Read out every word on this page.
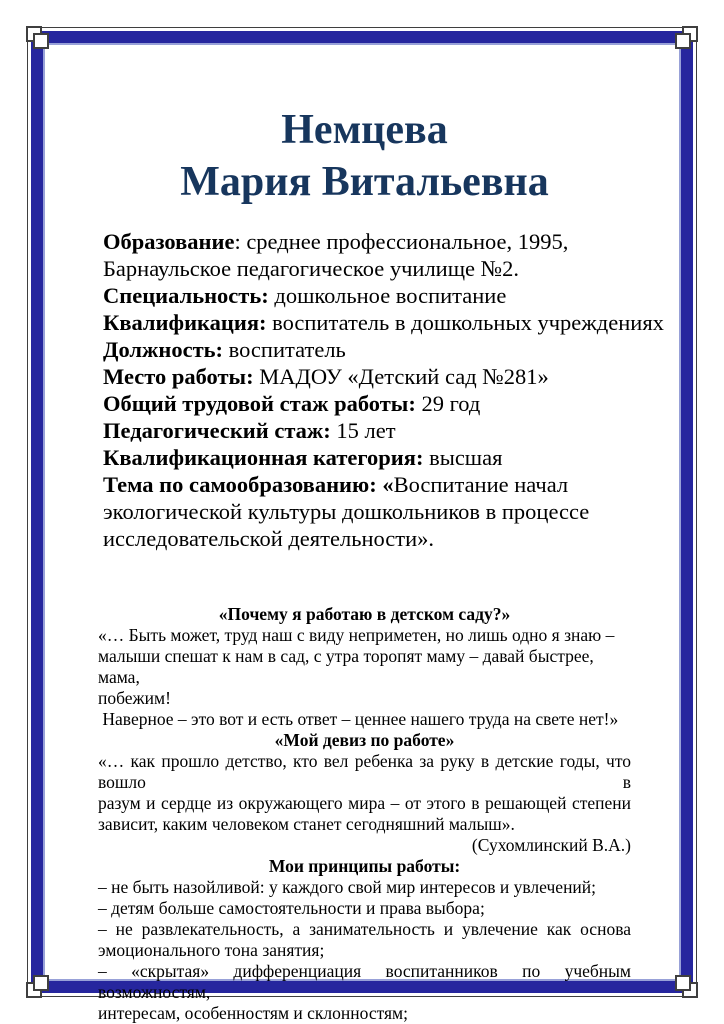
Немцева
Мария Витальевна
Образование: среднее профессиональное, 1995,
Барнаульское педагогическое училище №2.
Специальность: дошкольное воспитание
Квалификация: воспитатель в дошкольных учреждениях
Должность: воспитатель
Место работы: МАДОУ «Детский сад №281»
Общий трудовой стаж работы: 29 год
Педагогический стаж: 15 лет
Квалификационная категория: высшая
Тема по самообразованию: «Воспитание начал
экологической культуры дошкольников в процессе
исследовательской деятельности».
«Почему я работаю в детском саду?»
«… Быть может, труд наш с виду неприметен, но лишь одно я знаю –
малыши спешат к нам в сад, с утра торопят маму – давай быстрее, мама,
побежим!
Наверное – это вот и есть ответ – ценнее нашего труда на свете нет!»
«Мой девиз по работе»
«… как прошло детство, кто вел ребенка за руку в детские годы, что вошло в
разум и сердце из окружающего мира – от этого в решающей степени
зависит, каким человеком станет сегодняшний малыш».
(Сухомлинский В.А.)
Мои принципы работы:
– не быть назойливой: у каждого свой мир интересов и увлечений;
– детям больше самостоятельности и права выбора;
– не развлекательность, а занимательность и увлечение как основа
эмоционального тона занятия;
– «скрытая» дифференциация воспитанников по учебным возможностям,
интересам, особенностям и склонностям;
